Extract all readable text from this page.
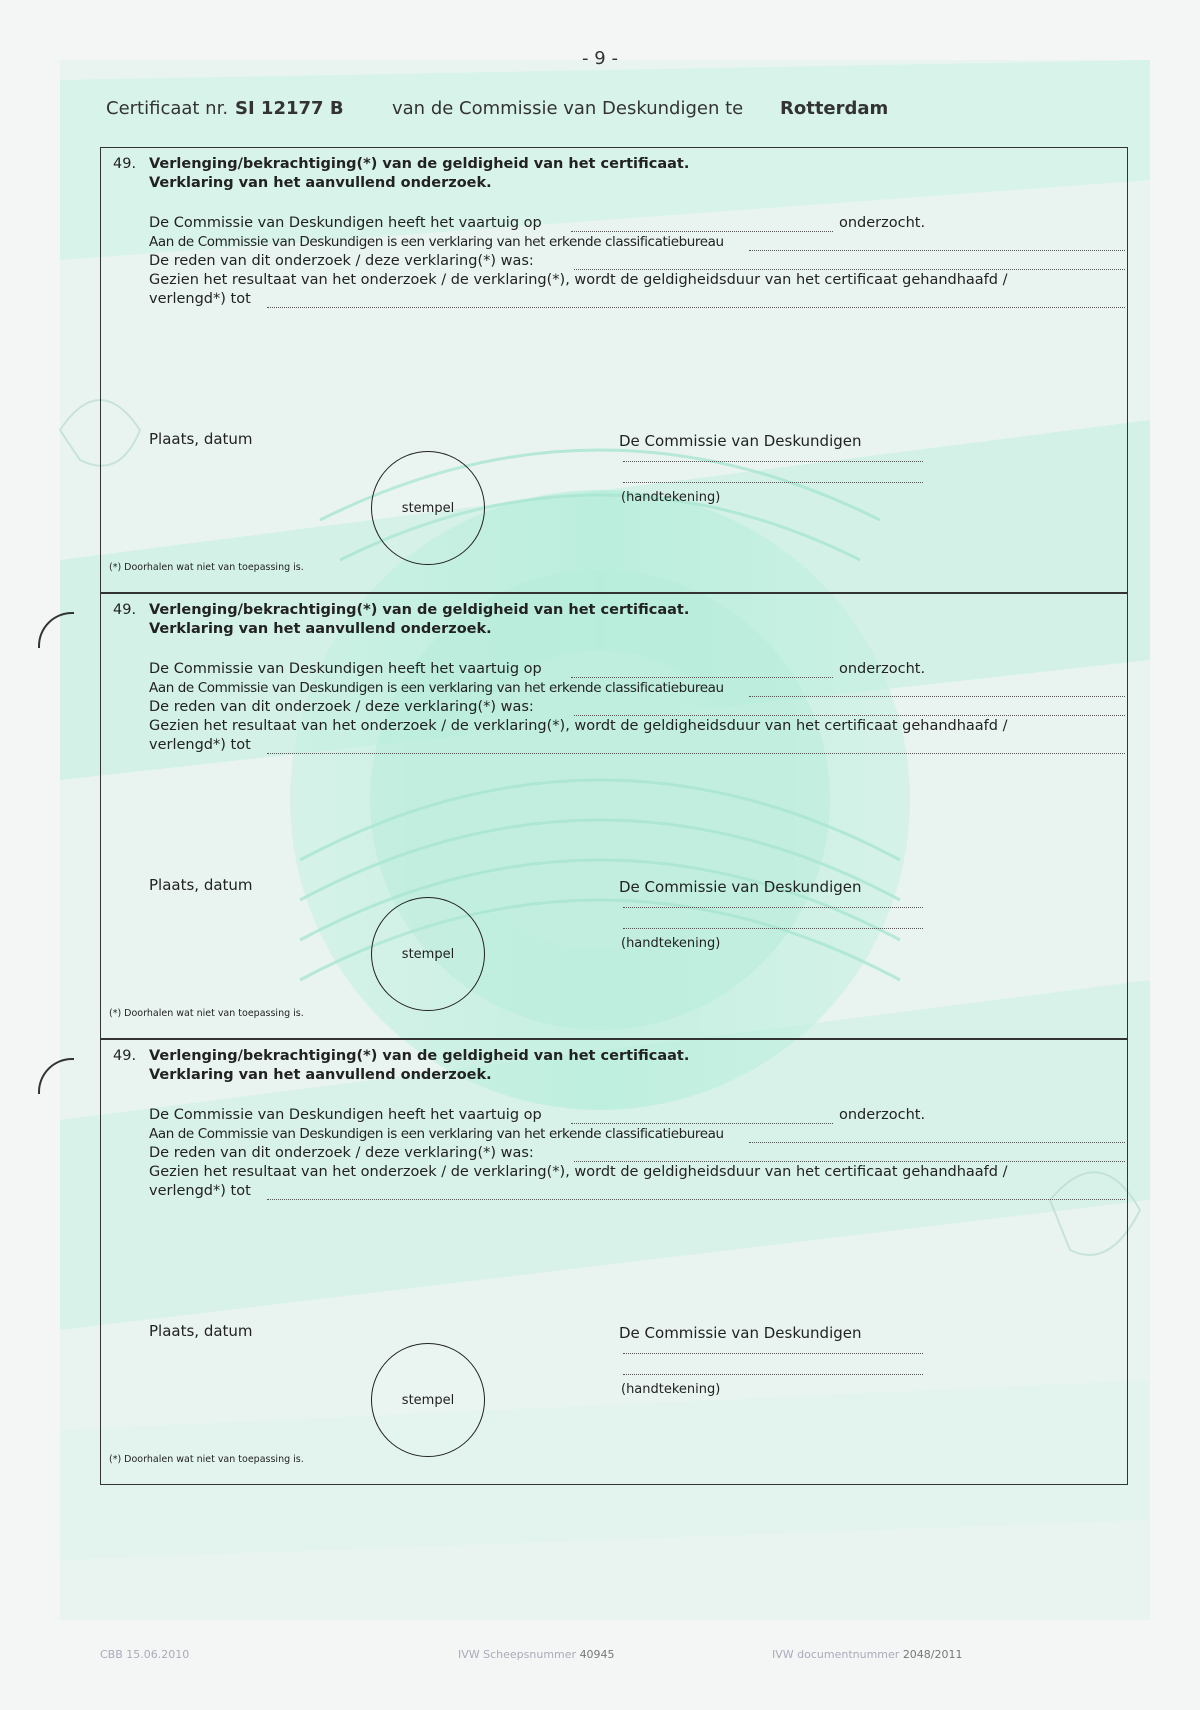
- 9 -
Certificaat nr. SI 12177 B	van de Commissie van Deskundigen te Rotterdam
49. Verlenging/bekrachtiging(*) van de geldigheid van het certificaat.
Verklaring van het aanvullend onderzoek.
De Commissie van Deskundigen heeft het vaartuig op	onderzocht.
Aan de Commissie van Deskundigen is een verklaring van het erkende classificatiebureau
De reden van dit onderzoek / deze verklaring(*) was:
Gezien het resultaat van het onderzoek / de verklaring(*), wordt de geldigheidsduur van het certificaat gehandhaafd /
verlengd*) tot
Plaats, datum	De Commissie van Deskundigen
(handtekening)
stempel
(*) Doorhalen wat niet van toepassing is.
49. Verlenging/bekrachtiging(*) van de geldigheid van het certificaat.
Verklaring van het aanvullend onderzoek.
De Commissie van Deskundigen heeft het vaartuig op	onderzocht.
Aan de Commissie van Deskundigen is een verklaring van het erkende classificatiebureau
De reden van dit onderzoek / deze verklaring(*) was:
Gezien het resultaat van het onderzoek / de verklaring(*), wordt de geldigheidsduur van het certificaat gehandhaafd /
verlengd*) tot
Plaats, datum	De Commissie van Deskundigen
(handtekening)
stempel
(*) Doorhalen wat niet van toepassing is.
49. Verlenging/bekrachtiging(*) van de geldigheid van het certificaat.
Verklaring van het aanvullend onderzoek.
De Commissie van Deskundigen heeft het vaartuig op	onderzocht.
Aan de Commissie van Deskundigen is een verklaring van het erkende classificatiebureau
De reden van dit onderzoek / deze verklaring(*) was:
Gezien het resultaat van het onderzoek / de verklaring(*), wordt de geldigheidsduur van het certificaat gehandhaafd /
verlengd*) tot
Plaats, datum	De Commissie van Deskundigen
(handtekening)
stempel
(*) Doorhalen wat niet van toepassing is.
CBB 15.06.2010	IVW Scheepsnummer 40945	IVW documentnummer 2048/2011
